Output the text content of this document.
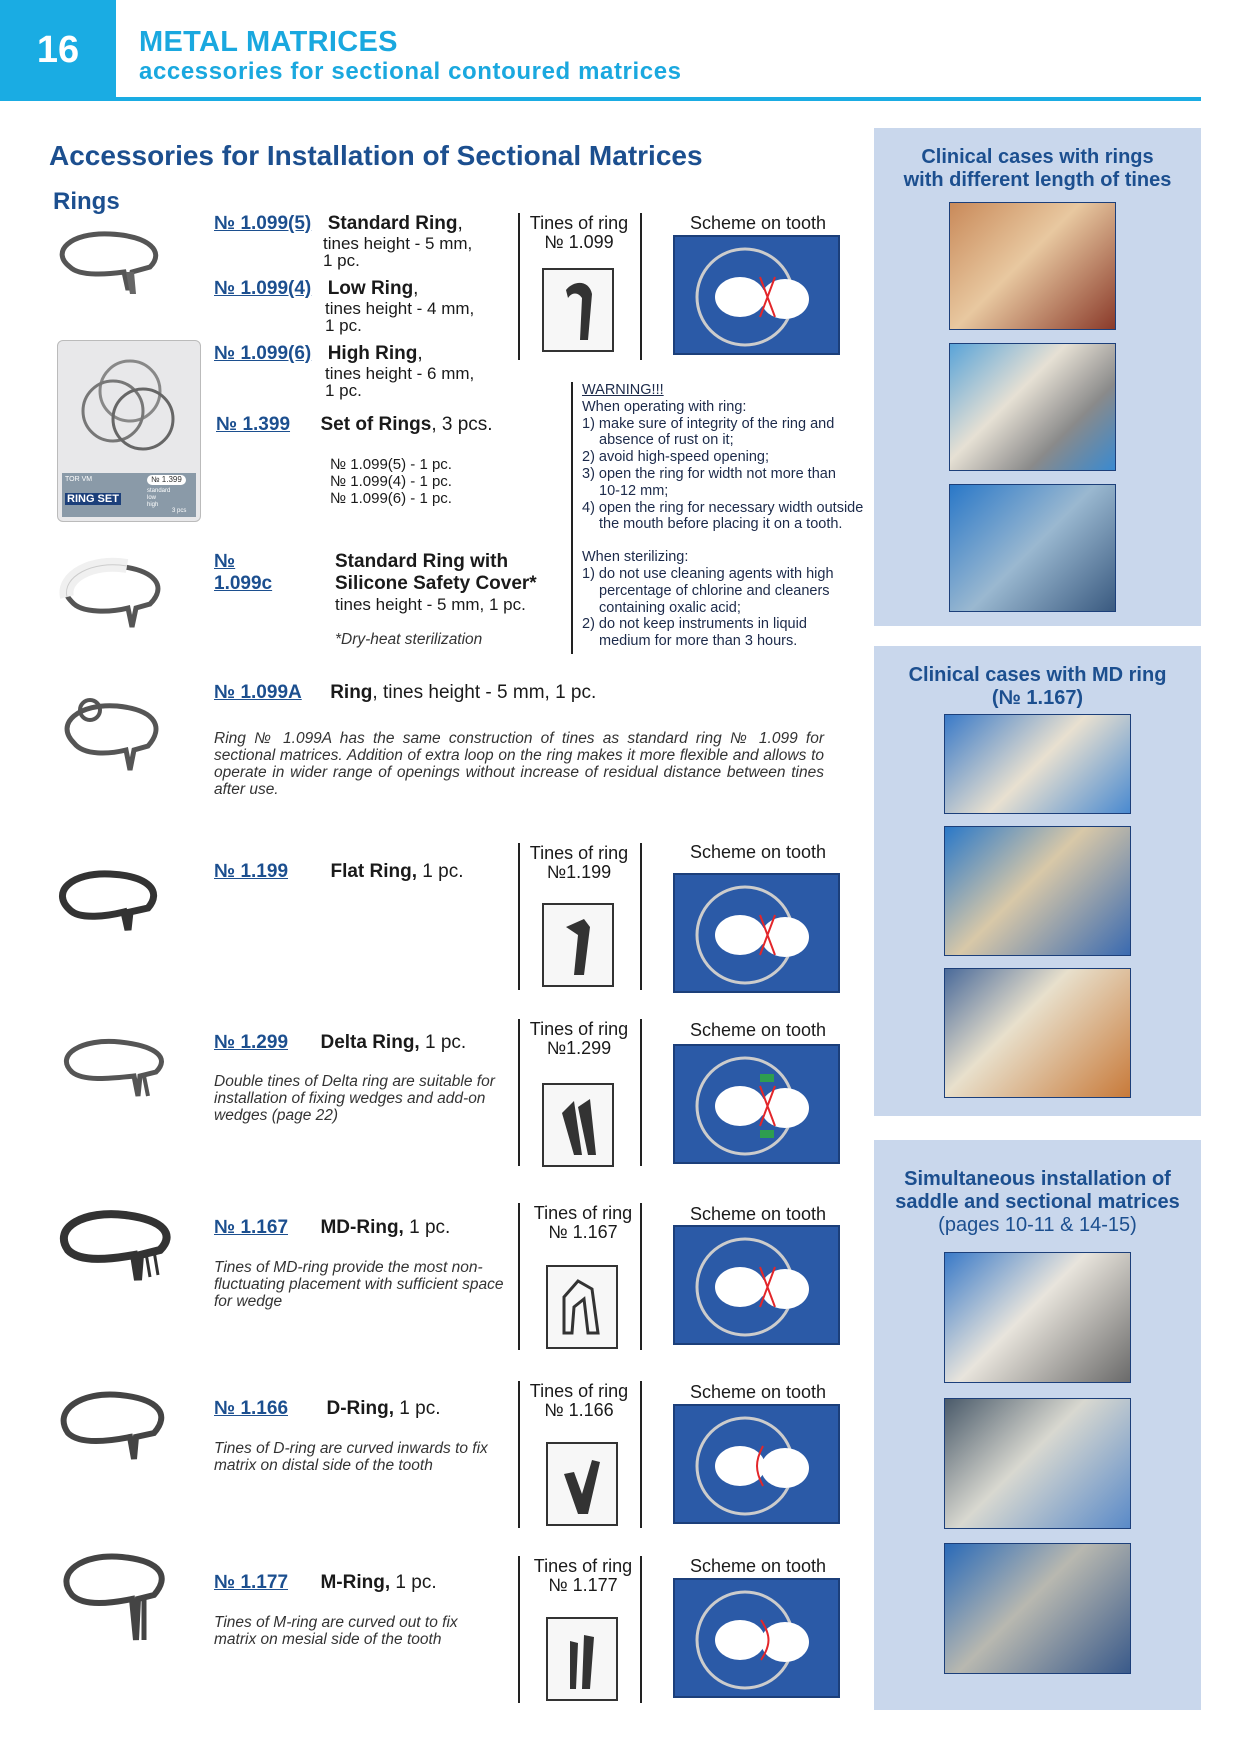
16	METAL MATRICES
accessories for sectional contoured matrices
Accessories for Installation of Sectional Matrices
Rings
TOR VM	№ 1.399
RING SET
standard
low
high
3 pcs
№ 1.099(5) Standard Ring,
tines height - 5 mm,
1 pc.
№ 1.099(4) Low Ring,
tines height - 4 mm,
1 pc.
№ 1.099(6) High Ring,
tines height - 6 mm,
1 pc.
№ 1.399 Set of Rings, 3 pcs.
№ 1.099(5) - 1 pc.
№ 1.099(4) - 1 pc.
№ 1.099(6) - 1 pc.
№ 1.099c
Standard Ring with
Silicone Safety Cover*
tines height - 5 mm, 1 pc.
*Dry-heat sterilization
№ 1.099A Ring, tines height - 5 mm, 1 pc.
Ring № 1.099A has the same construction of tines as standard ring № 1.099 for sectional matrices. Addition of extra loop on the ring makes it more flexible and allows to operate in wider range of openings without increase of residual distance between tines after use.
№ 1.199 Flat Ring, 1 pc.
№ 1.299 Delta Ring, 1 pc.
Double tines of Delta ring are suitable for installation of fixing wedges and add-on wedges (page 22)
№ 1.167 MD-Ring, 1 pc.
Tines of MD-ring provide the most non-fluctuating placement with sufficient space for wedge
№ 1.166 D-Ring, 1 pc.
Tines of D-ring are curved inwards to fix matrix on distal side of the tooth
№ 1.177 M-Ring, 1 pc.
Tines of M-ring are curved out to fix matrix on mesial side of the tooth
WARNING!!!
When operating with ring:
1) make sure of integrity of the ring and
absence of rust on it;
2) avoid high-speed opening;
3) open the ring for width not more than
10-12 mm;
4) open the ring for necessary width outside
the mouth before placing it on a tooth.
When sterilizing:
1) do not use cleaning agents with high
percentage of chlorine and cleaners
containing oxalic acid;
2) do not keep instruments in liquid
medium for more than 3 hours.
Tines of ring
№ 1.099
Scheme on tooth
Tines of ring
№1.199
Scheme on tooth
Tines of ring
№1.299
Scheme on tooth
Tines of ring
№ 1.167
Scheme on tooth
Tines of ring
№ 1.166
Scheme on tooth
Tines of ring
№ 1.177
Scheme on tooth
Clinical cases with rings
with different length of tines
Clinical cases with MD ring
(№ 1.167)
Simultaneous installation of
saddle and sectional matrices
(pages 10-11 & 14-15)
